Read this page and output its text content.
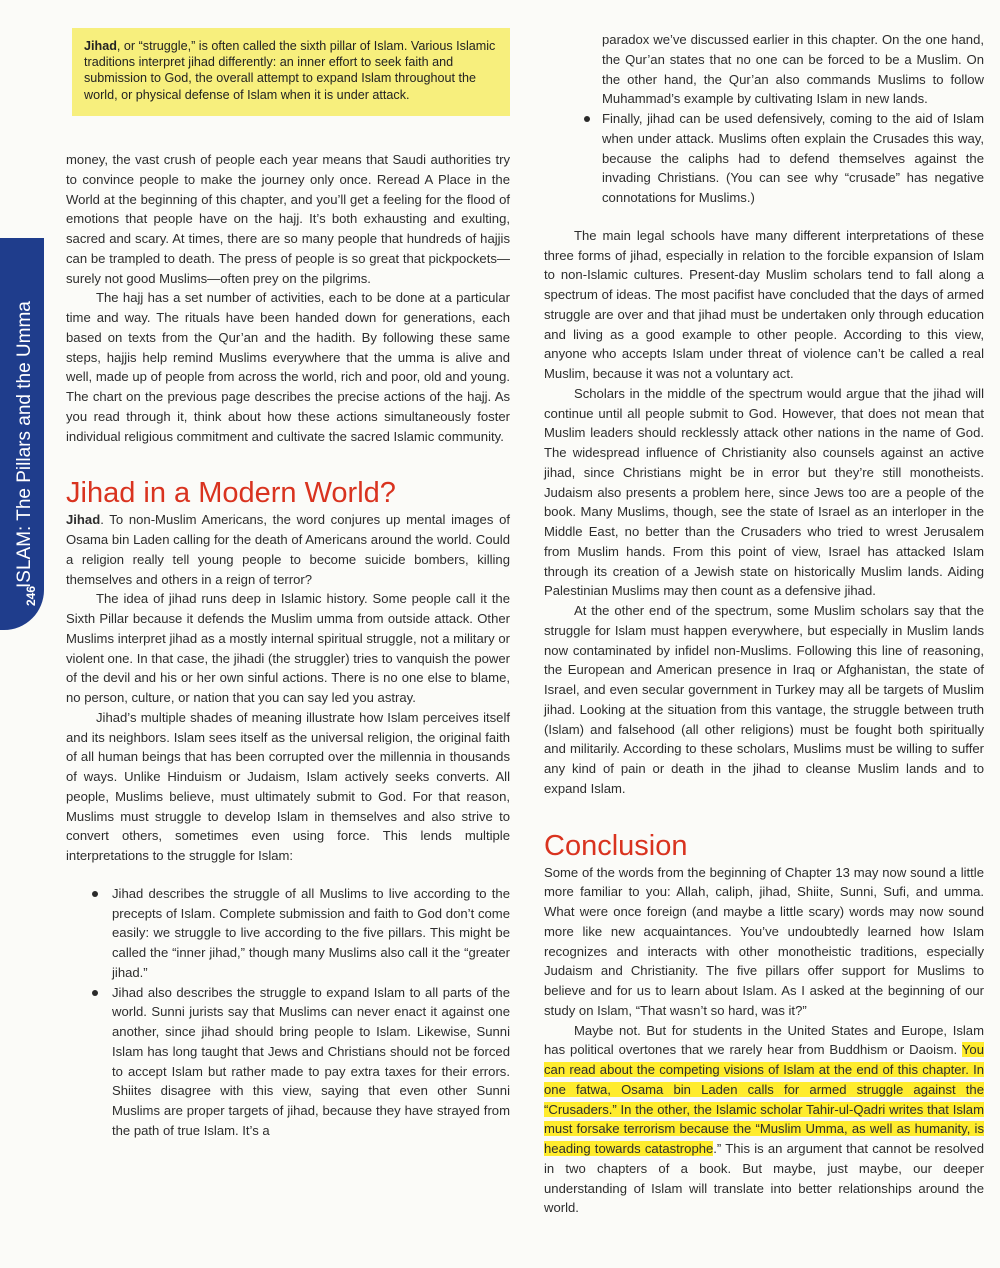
ISLAM: The Pillars and the Umma
246
Jihad, or “struggle,” is often called the sixth pillar of Islam. Various Islamic traditions interpret jihad differently: an inner effort to seek faith and submission to God, the overall attempt to expand Islam throughout the world, or physical defense of Islam when it is under attack.

money, the vast crush of people each year means that Saudi authorities try to convince people to make the journey only once. Reread A Place in the World at the beginning of this chapter, and you’ll get a feeling for the flood of emotions that people have on the hajj. It’s both exhausting and exulting, sacred and scary. At times, there are so many people that hundreds of hajjis can be trampled to death. The press of people is so great that pickpockets—surely not good Muslims—often prey on the pilgrims.

The hajj has a set number of activities, each to be done at a particular time and way. The rituals have been handed down for generations, each based on texts from the Qur’an and the hadith. By following these same steps, hajjis help remind Muslims everywhere that the umma is alive and well, made up of people from across the world, rich and poor, old and young. The chart on the previous page describes the precise actions of the hajj. As you read through it, think about how these actions simultaneously foster individual religious commitment and cultivate the sacred Islamic community.

Jihad in a Modern World?

Jihad. To non-Muslim Americans, the word conjures up mental images of Osama bin Laden calling for the death of Americans around the world. Could a religion really tell young people to become suicide bombers, killing themselves and others in a reign of terror?

The idea of jihad runs deep in Islamic history. Some people call it the Sixth Pillar because it defends the Muslim umma from outside attack. Other Muslims interpret jihad as a mostly internal spiritual struggle, not a military or violent one. In that case, the jihadi (the struggler) tries to vanquish the power of the devil and his or her own sinful actions. There is no one else to blame, no person, culture, or nation that you can say led you astray.

Jihad’s multiple shades of meaning illustrate how Islam perceives itself and its neighbors. Islam sees itself as the universal religion, the original faith of all human beings that has been corrupted over the millennia in thousands of ways. Unlike Hinduism or Judaism, Islam actively seeks converts. All people, Muslims believe, must ultimately submit to God. For that reason, Muslims must struggle to develop Islam in themselves and also strive to convert others, sometimes even using force. This lends multiple interpretations to the struggle for Islam:

Jihad describes the struggle of all Muslims to live according to the precepts of Islam. Complete submission and faith to God don’t come easily: we struggle to live according to the five pillars. This might be called the “inner jihad,” though many Muslims also call it the “greater jihad.”
Jihad also describes the struggle to expand Islam to all parts of the world. Sunni jurists say that Muslims can never enact it against one another, since jihad should bring people to Islam. Likewise, Sunni Islam has long taught that Jews and Christians should not be forced to accept Islam but rather made to pay extra taxes for their errors. Shiites disagree with this view, saying that even other Sunni Muslims are proper targets of jihad, because they have strayed from the path of true Islam. It’s a
paradox we’ve discussed earlier in this chapter. On the one hand, the Qur’an states that no one can be forced to be a Muslim. On the other hand, the Qur’an also commands Muslims to follow Muhammad’s example by cultivating Islam in new lands.
Finally, jihad can be used defensively, coming to the aid of Islam when under attack. Muslims often explain the Crusades this way, because the caliphs had to defend themselves against the invading Christians. (You can see why “crusade” has negative connotations for Muslims.)

The main legal schools have many different interpretations of these three forms of jihad, especially in relation to the forcible expansion of Islam to non-Islamic cultures. Present-day Muslim scholars tend to fall along a spectrum of ideas. The most pacifist have concluded that the days of armed struggle are over and that jihad must be undertaken only through education and living as a good example to other people. According to this view, anyone who accepts Islam under threat of violence can’t be called a real Muslim, because it was not a voluntary act.

Scholars in the middle of the spectrum would argue that the jihad will continue until all people submit to God. However, that does not mean that Muslim leaders should recklessly attack other nations in the name of God. The widespread influence of Christianity also counsels against an active jihad, since Christians might be in error but they’re still monotheists. Judaism also presents a problem here, since Jews too are a people of the book. Many Muslims, though, see the state of Israel as an interloper in the Middle East, no better than the Crusaders who tried to wrest Jerusalem from Muslim hands. From this point of view, Israel has attacked Islam through its creation of a Jewish state on historically Muslim lands. Aiding Palestinian Muslims may then count as a defensive jihad.

At the other end of the spectrum, some Muslim scholars say that the struggle for Islam must happen everywhere, but especially in Muslim lands now contaminated by infidel non-Muslims. Following this line of reasoning, the European and American presence in Iraq or Afghanistan, the state of Israel, and even secular government in Turkey may all be targets of Muslim jihad. Looking at the situation from this vantage, the struggle between truth (Islam) and falsehood (all other religions) must be fought both spiritually and militarily. According to these scholars, Muslims must be willing to suffer any kind of pain or death in the jihad to cleanse Muslim lands and to expand Islam.

Conclusion

Some of the words from the beginning of Chapter 13 may now sound a little more familiar to you: Allah, caliph, jihad, Shiite, Sunni, Sufi, and umma. What were once foreign (and maybe a little scary) words may now sound more like new acquaintances. You’ve undoubtedly learned how Islam recognizes and interacts with other monotheistic traditions, especially Judaism and Christianity. The five pillars offer support for Muslims to believe and for us to learn about Islam. As I asked at the beginning of our study on Islam, “That wasn’t so hard, was it?”

Maybe not. But for students in the United States and Europe, Islam has political overtones that we rarely hear from Buddhism or Daoism. You can read about the competing visions of Islam at the end of this chapter. In one fatwa, Osama bin Laden calls for armed struggle against the “Crusaders.” In the other, the Islamic scholar Tahir-ul-Qadri writes that Islam must forsake terrorism because the “Muslim Umma, as well as humanity, is heading towards catastrophe.” This is an argument that cannot be resolved in two chapters of a book. But maybe, just maybe, our deeper understanding of Islam will translate into better relationships around the world.
